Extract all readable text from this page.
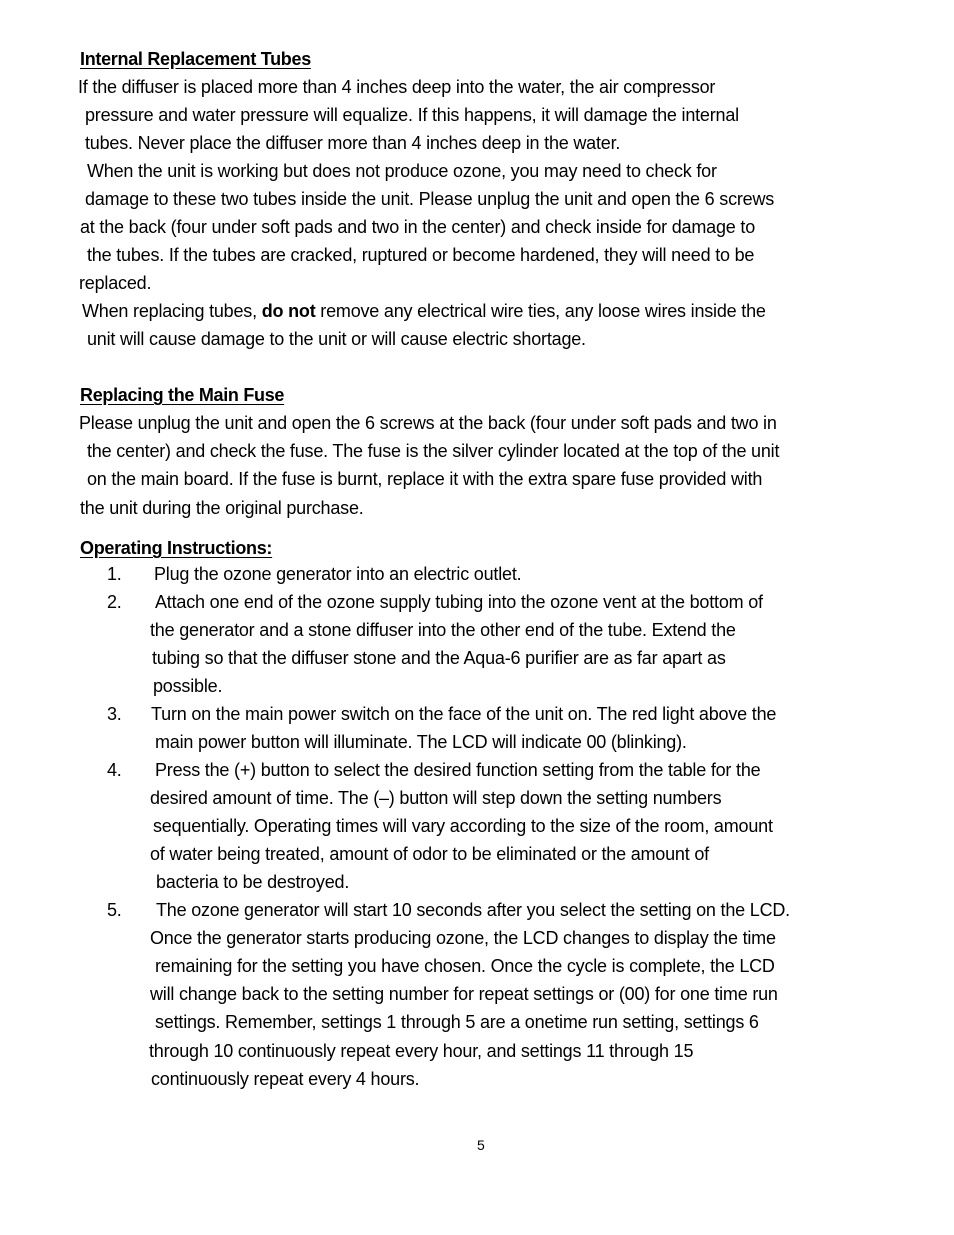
Internal Replacement Tubes
If the diffuser is placed more than 4 inches deep into the water, the air compressor
pressure and water pressure will equalize. If this happens, it will damage the internal
tubes. Never place the diffuser more than 4 inches deep in the water.
When the unit is working but does not produce ozone, you may need to check for
damage to these two tubes inside the unit. Please unplug the unit and open the 6 screws
at the back (four under soft pads and two in the center) and check inside for damage to
the tubes. If the tubes are cracked, ruptured or become hardened, they will need to be
replaced.
When replacing tubes, do not remove any electrical wire ties, any loose wires inside the
unit will cause damage to the unit or will cause electric shortage.
Replacing the Main Fuse
Please unplug the unit and open the 6 screws at the back (four under soft pads and two in
the center) and check the fuse. The fuse is the silver cylinder located at the top of the unit
on the main board. If the fuse is burnt, replace it with the extra spare fuse provided with
the unit during the original purchase.
Operating Instructions:
1. Plug the ozone generator into an electric outlet.
2. Attach one end of the ozone supply tubing into the ozone vent at the bottom of
the generator and a stone diffuser into the other end of the tube. Extend the
tubing so that the diffuser stone and the Aqua-6 purifier are as far apart as
possible.
3. Turn on the main power switch on the face of the unit on. The red light above the
main power button will illuminate. The LCD will indicate 00 (blinking).
4. Press the (+) button to select the desired function setting from the table for the
desired amount of time. The (–) button will step down the setting numbers
sequentially. Operating times will vary according to the size of the room, amount
of water being treated, amount of odor to be eliminated or the amount of
bacteria to be destroyed.
5. The ozone generator will start 10 seconds after you select the setting on the LCD.
Once the generator starts producing ozone, the LCD changes to display the time
remaining for the setting you have chosen. Once the cycle is complete, the LCD
will change back to the setting number for repeat settings or (00) for one time run
settings. Remember, settings 1 through 5 are a onetime run setting, settings 6
through 10 continuously repeat every hour, and settings 11 through 15
continuously repeat every 4 hours.
5
